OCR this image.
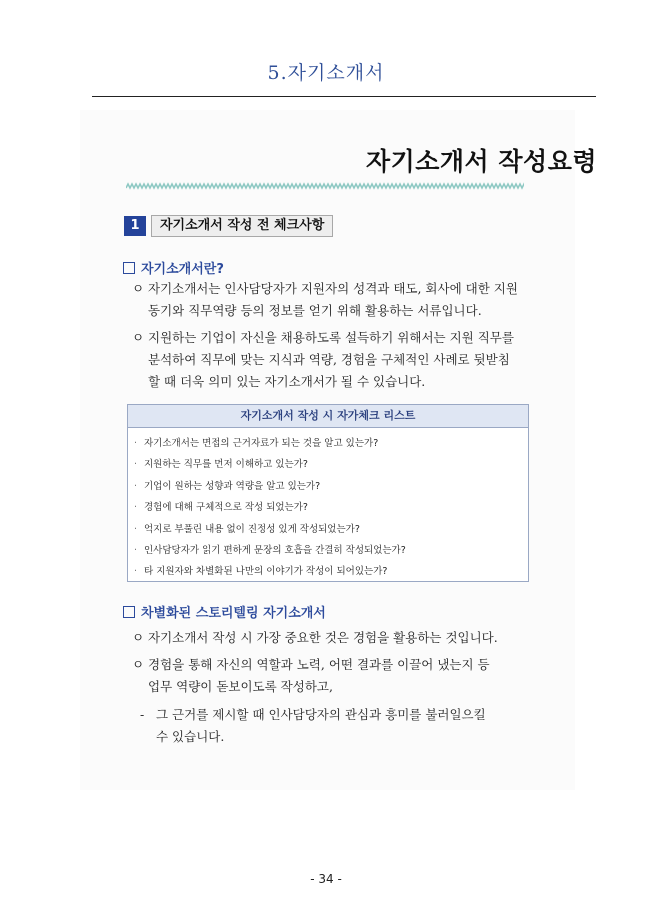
5.자기소개서
자기소개서 작성요령
1	자기소개서 작성 전 체크사항
자기소개서란?
ㅇ 자기소개서는 인사담당자가 지원자의 성격과 태도, 회사에 대한 지원
동기와 직무역량 등의 정보를 얻기 위해 활용하는 서류입니다.
ㅇ 지원하는 기업이 자신을 채용하도록 설득하기 위해서는 지원 직무를
분석하여 직무에 맞는 지식과 역량, 경험을 구체적인 사례로 뒷받침
할 때 더욱 의미 있는 자기소개서가 될 수 있습니다.
자기소개서 작성 시 자가체크 리스트
· 자기소개서는 면접의 근거자료가 되는 것을 알고 있는가?
· 지원하는 직무를 먼저 이해하고 있는가?
· 기업이 원하는 성향과 역량을 알고 있는가?
· 경험에 대해 구체적으로 작성 되었는가?
· 억지로 부풀린 내용 없이 진정성 있게 작성되었는가?
· 인사담당자가 읽기 편하게 문장의 호흡을 간결히 작성되었는가?
· 타 지원자와 차별화된 나만의 이야기가 작성이 되어있는가?
차별화된 스토리텔링 자기소개서
ㅇ 자기소개서 작성 시 가장 중요한 것은 경험을 활용하는 것입니다.
ㅇ 경험을 통해 자신의 역할과 노력, 어떤 결과를 이끌어 냈는지 등
업무 역량이 돋보이도록 작성하고,
- 그 근거를 제시할 때 인사담당자의 관심과 흥미를 불러일으킬
수 있습니다.
- 34 -
